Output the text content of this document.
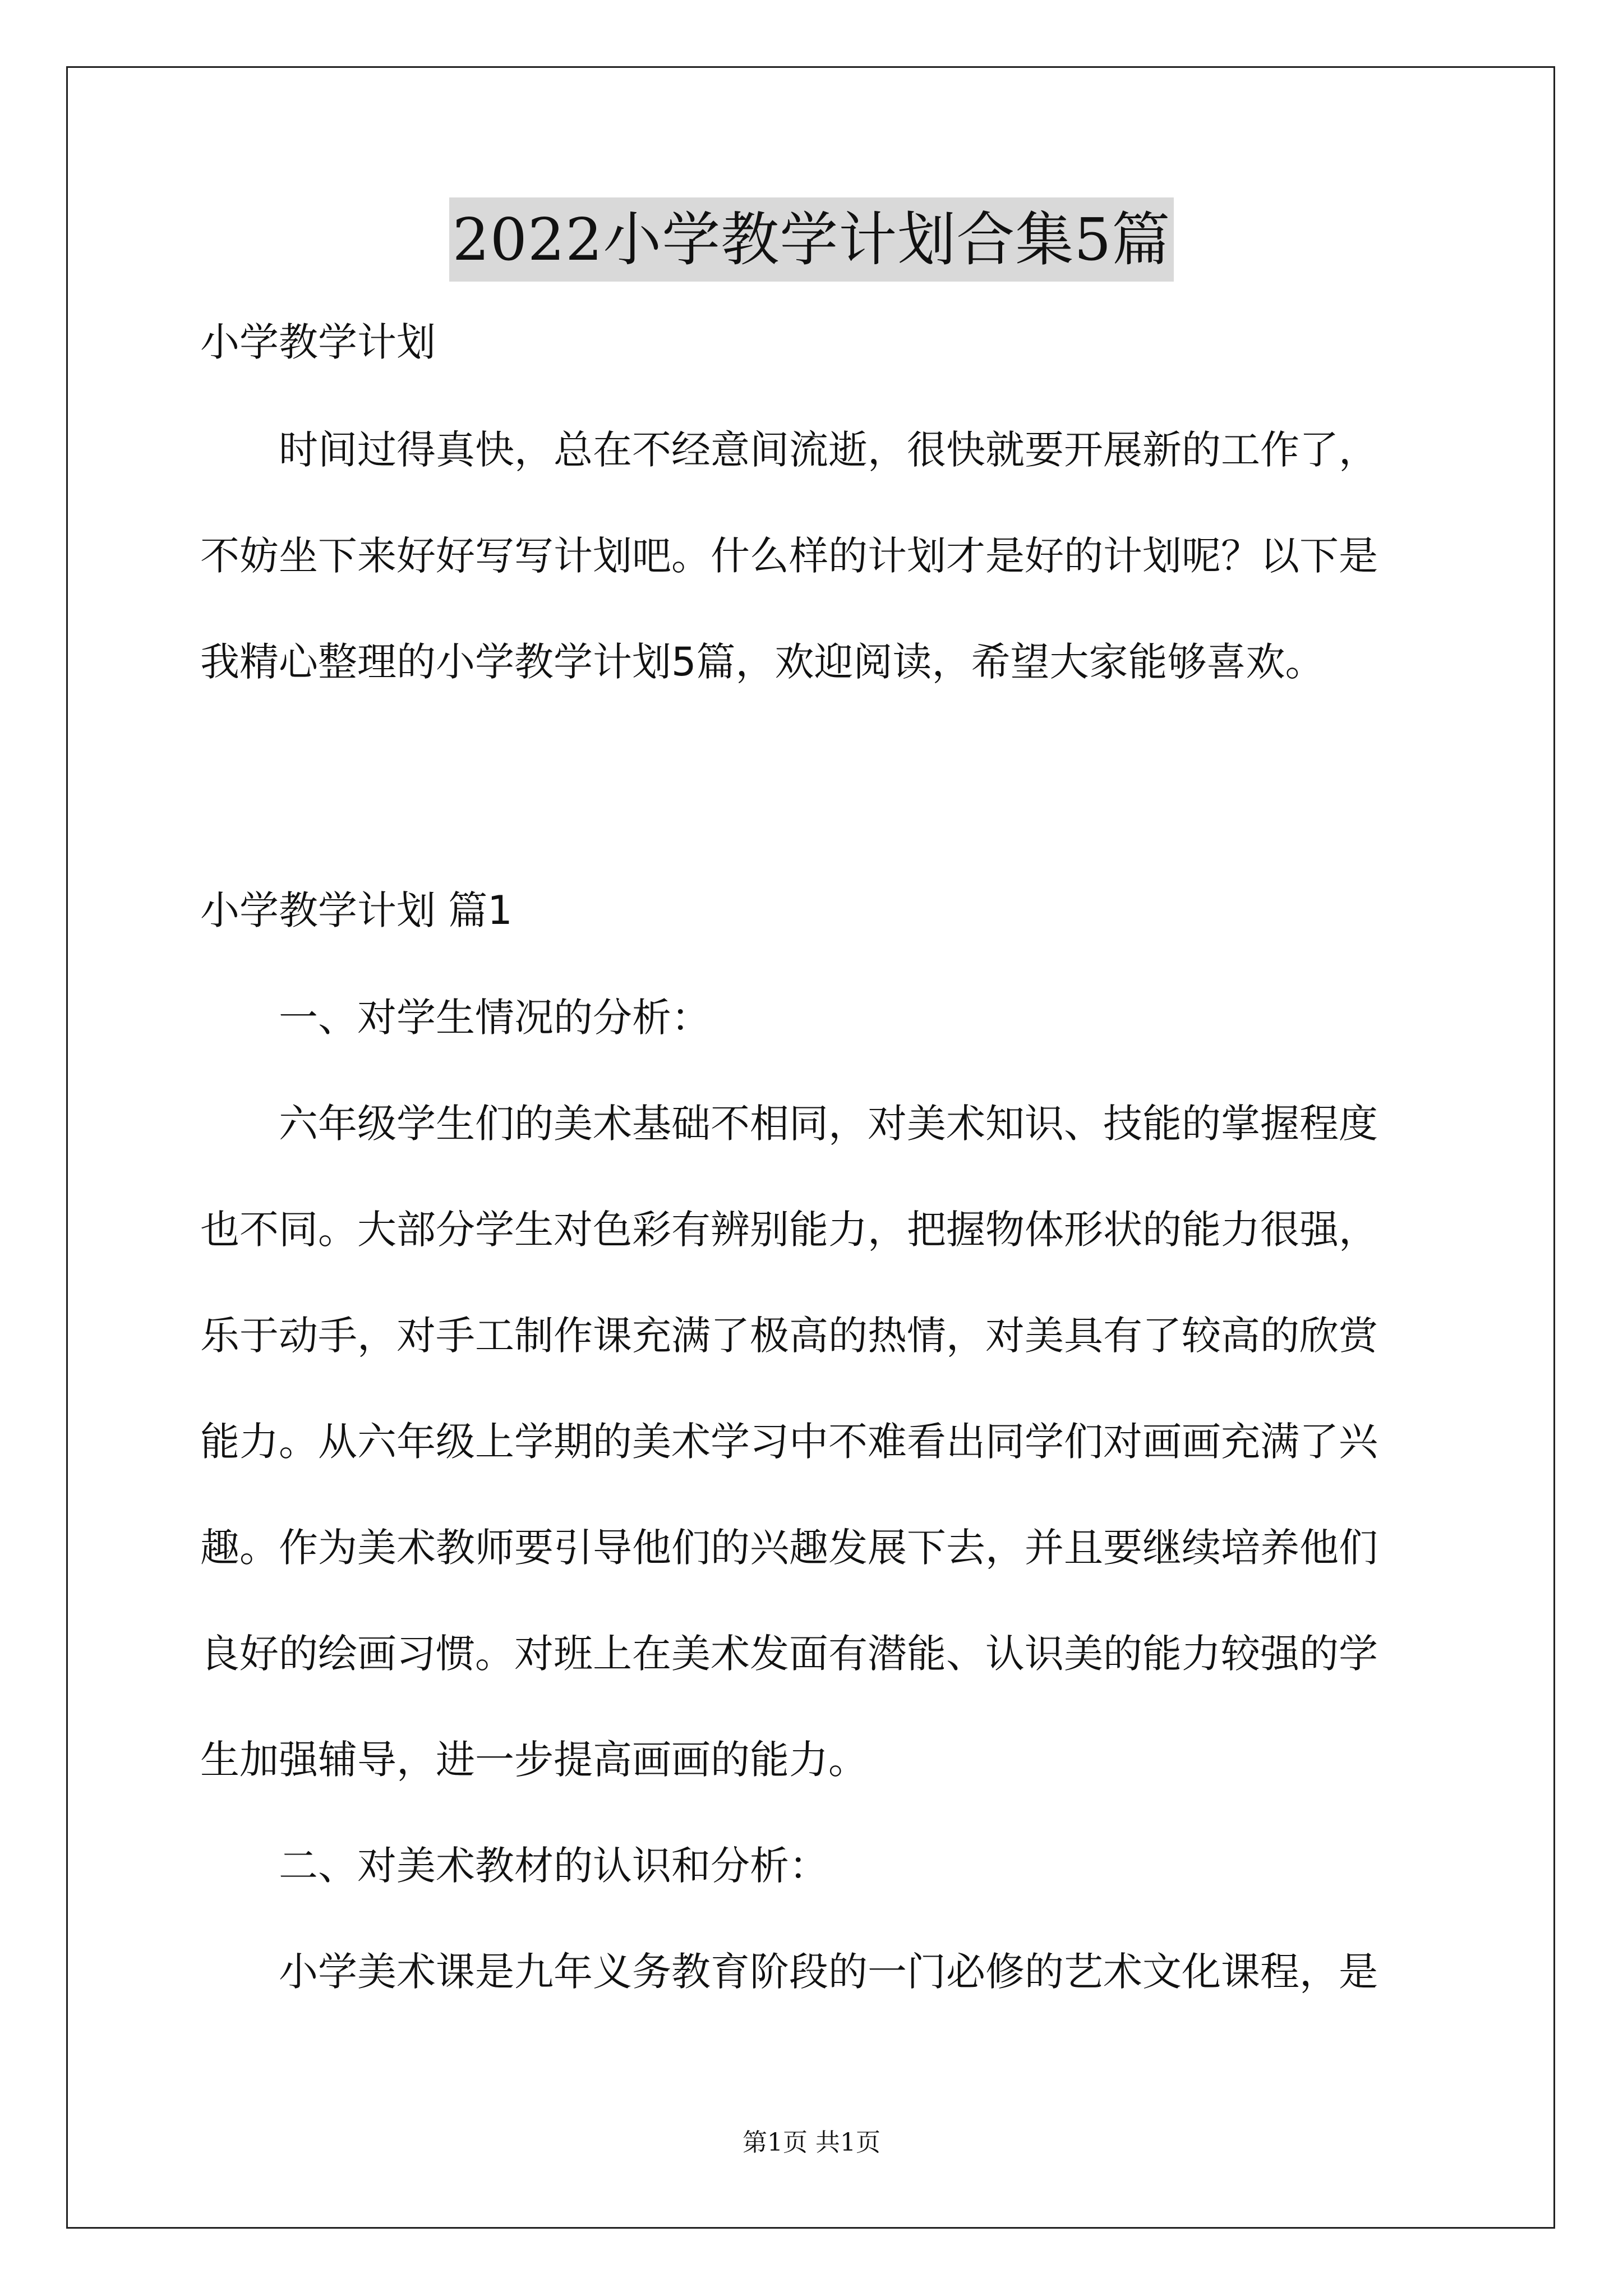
2022小学教学计划合集5篇
小学教学计划
时间过得真快，总在不经意间流逝，很快就要开展新的工作了，
不妨坐下来好好写写计划吧。什么样的计划才是好的计划呢？以下是
我精心整理的小学教学计划5篇，欢迎阅读，希望大家能够喜欢。
小学教学计划 篇1
一、对学生情况的分析：
六年级学生们的美术基础不相同，对美术知识、技能的掌握程度
也不同。大部分学生对色彩有辨别能力，把握物体形状的能力很强，
乐于动手，对手工制作课充满了极高的热情，对美具有了较高的欣赏
能力。从六年级上学期的美术学习中不难看出同学们对画画充满了兴
趣。作为美术教师要引导他们的兴趣发展下去，并且要继续培养他们
良好的绘画习惯。对班上在美术发面有潜能、认识美的能力较强的学
生加强辅导，进一步提高画画的能力。
二、对美术教材的认识和分析：
小学美术课是九年义务教育阶段的一门必修的艺术文化课程，是
第1页 共1页
